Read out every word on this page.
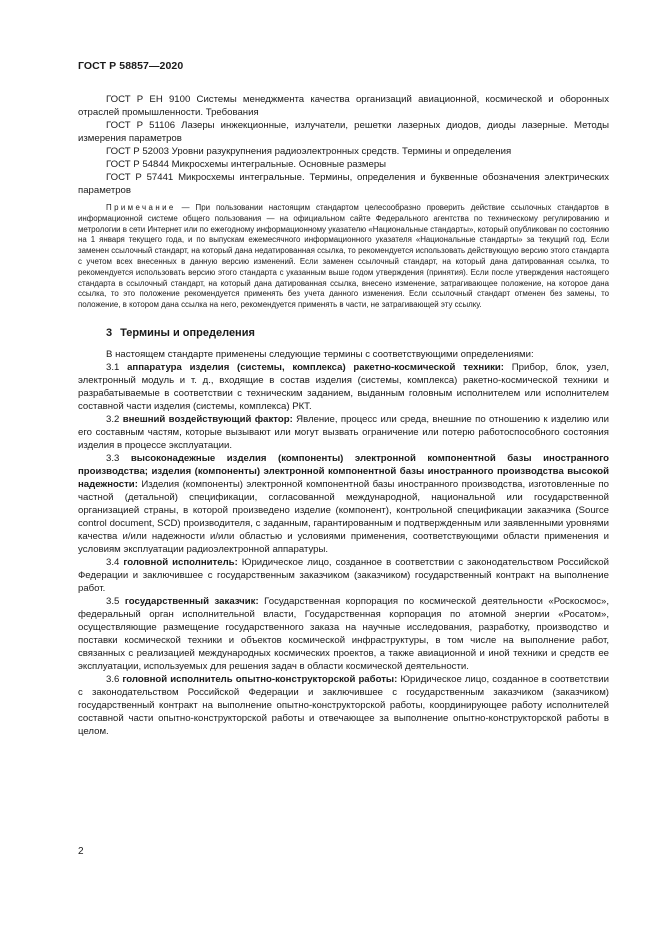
ГОСТ Р 58857—2020

ГОСТ Р ЕН 9100 Системы менеджмента качества организаций авиационной, космической и оборонных отраслей промышленности. Требования

ГОСТ Р 51106 Лазеры инжекционные, излучатели, решетки лазерных диодов, диоды лазерные. Методы измерения параметров

ГОСТ Р 52003 Уровни разукрупнения радиоэлектронных средств. Термины и определения

ГОСТ Р 54844 Микросхемы интегральные. Основные размеры

ГОСТ Р 57441 Микросхемы интегральные. Термины, определения и буквенные обозначения электрических параметров

Примечание — При пользовании настоящим стандартом целесообразно проверить действие ссылочных стандартов в информационной системе общего пользования — на официальном сайте Федерального агентства по техническому регулированию и метрологии в сети Интернет или по ежегодному информационному указателю «Национальные стандарты», который опубликован по состоянию на 1 января текущего года, и по выпускам ежемесячного информационного указателя «Национальные стандарты» за текущий год. Если заменен ссылочный стандарт, на который дана недатированная ссылка, то рекомендуется использовать действующую версию этого стандарта с учетом всех внесенных в данную версию изменений. Если заменен ссылочный стандарт, на который дана датированная ссылка, то рекомендуется использовать версию этого стандарта с указанным выше годом утверждения (принятия). Если после утверждения настоящего стандарта в ссылочный стандарт, на который дана датированная ссылка, внесено изменение, затрагивающее положение, на которое дана ссылка, то это положение рекомендуется применять без учета данного изменения. Если ссылочный стандарт отменен без замены, то положение, в котором дана ссылка на него, рекомендуется применять в части, не затрагивающей эту ссылку.
3 Термины и определения

В настоящем стандарте применены следующие термины с соответствующими определениями:

3.1 аппаратура изделия (системы, комплекса) ракетно-космической техники: Прибор, блок, узел, электронный модуль и т. д., входящие в состав изделия (системы, комплекса) ракетно-космической техники и разрабатываемые в соответствии с техническим заданием, выданным головным исполнителем или исполнителем составной части изделия (системы, комплекса) РКТ.

3.2 внешний воздействующий фактор: Явление, процесс или среда, внешние по отношению к изделию или его составным частям, которые вызывают или могут вызвать ограничение или потерю работоспособного состояния изделия в процессе эксплуатации.

3.3 высоконадежные изделия (компоненты) электронной компонентной базы иностранного производства; изделия (компоненты) электронной компонентной базы иностранного производства высокой надежности: Изделия (компоненты) электронной компонентной базы иностранного производства, изготовленные по частной (детальной) спецификации, согласованной международной, национальной или государственной организацией страны, в которой произведено изделие (компонент), контрольной спецификации заказчика (Source control document, SCD) производителя, с заданным, гарантированным и подтвержденным или заявленными уровнями качества и/или надежности и/или областью и условиями применения, соответствующими области применения и условиям эксплуатации радиоэлектронной аппаратуры.

3.4 головной исполнитель: Юридическое лицо, созданное в соответствии с законодательством Российской Федерации и заключившее с государственным заказчиком (заказчиком) государственный контракт на выполнение работ.

3.5 государственный заказчик: Государственная корпорация по космической деятельности «Роскосмос», федеральный орган исполнительной власти, Государственная корпорация по атомной энергии «Росатом», осуществляющие размещение государственного заказа на научные исследования, разработку, производство и поставки космической техники и объектов космической инфраструктуры, в том числе на выполнение работ, связанных с реализацией международных космических проектов, а также авиационной и иной техники и средств ее эксплуатации, используемых для решения задач в области космической деятельности.

3.6 головной исполнитель опытно-конструкторской работы: Юридическое лицо, созданное в соответствии с законодательством Российской Федерации и заключившее с государственным заказчиком (заказчиком) государственный контракт на выполнение опытно-конструкторской работы, координирующее работу исполнителей составной части опытно-конструкторской работы и отвечающее за выполнение опытно-конструкторской работы в целом.

2
